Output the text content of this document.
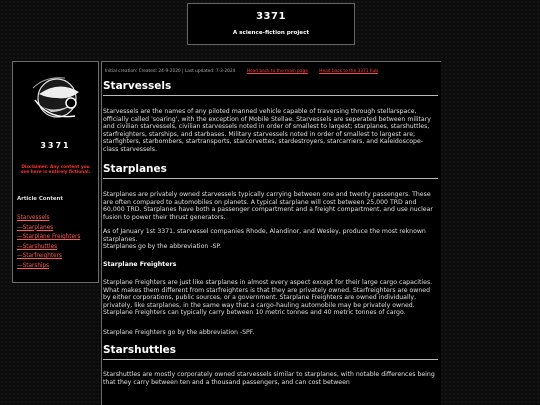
3371
A science-fiction project
3371
Disclaimer: Any content you see here is entirely fictional.
Article Content
Starvessels
—Starplanes
—Starplane Freighters
—Starshuttles
—Starfreighters
—Starships
Initial creation: Created: 24-9-2020 | Last updated: 7-3-2024	Head back to the main page	Head back to the 3371 hub
Starvessels

Starvessels are the names of any piloted manned vehicle capable of traversing through stellarspace, officially called 'soaring', with the exception of Mobile Stellae. Starvessels are seperated between military and civilian starvessels, civilian starvessels noted in order of smallest to largest; starplanes, starshuttles, starfreighters, starships, and starbases. Military starvessels noted in order of smallest to largest are; starfighters, starbombers, startransports, starcorvettes, stardestroyers, starcarriers, and Kaleidoscope-class starvessels.

Starplanes

Starplanes are privately owned starvessels typically carrying between one and twenty passengers. These are often compared to automobiles on planets. A typical starplane will cost between 25,000 TRD and 60,000 TRD. Starplanes have both a passenger compartment and a freight compartment, and use nuclear fusion to power their thrust generators.

As of January 1st 3371, starvessel companies Rhode, Alandinor, and Wesley, produce the most reknown starplanes.

Starplanes go by the abbreviation -SP.

Starplane Freighters

Starplane Freighters are just like starplanes in almost every aspect except for their large cargo capacities. What makes them different from starfreighters is that they are privately owned. Starfreighters are owned by either corporations, public sources, or a government. Starplane Freighters are owned individually, privately, like starplanes, in the same way that a cargo-hauling automobile may be privately owned. Starplane Freighters can typically carry between 10 metric tonnes and 40 metric tonnes of cargo.

Starplane Freighters go by the abbreviation -SPF.

Starshuttles

Starshuttles are mostly corporately owned starvessels similar to starplanes, with notable differences being that they carry between ten and a thousand passengers, and can cost between
